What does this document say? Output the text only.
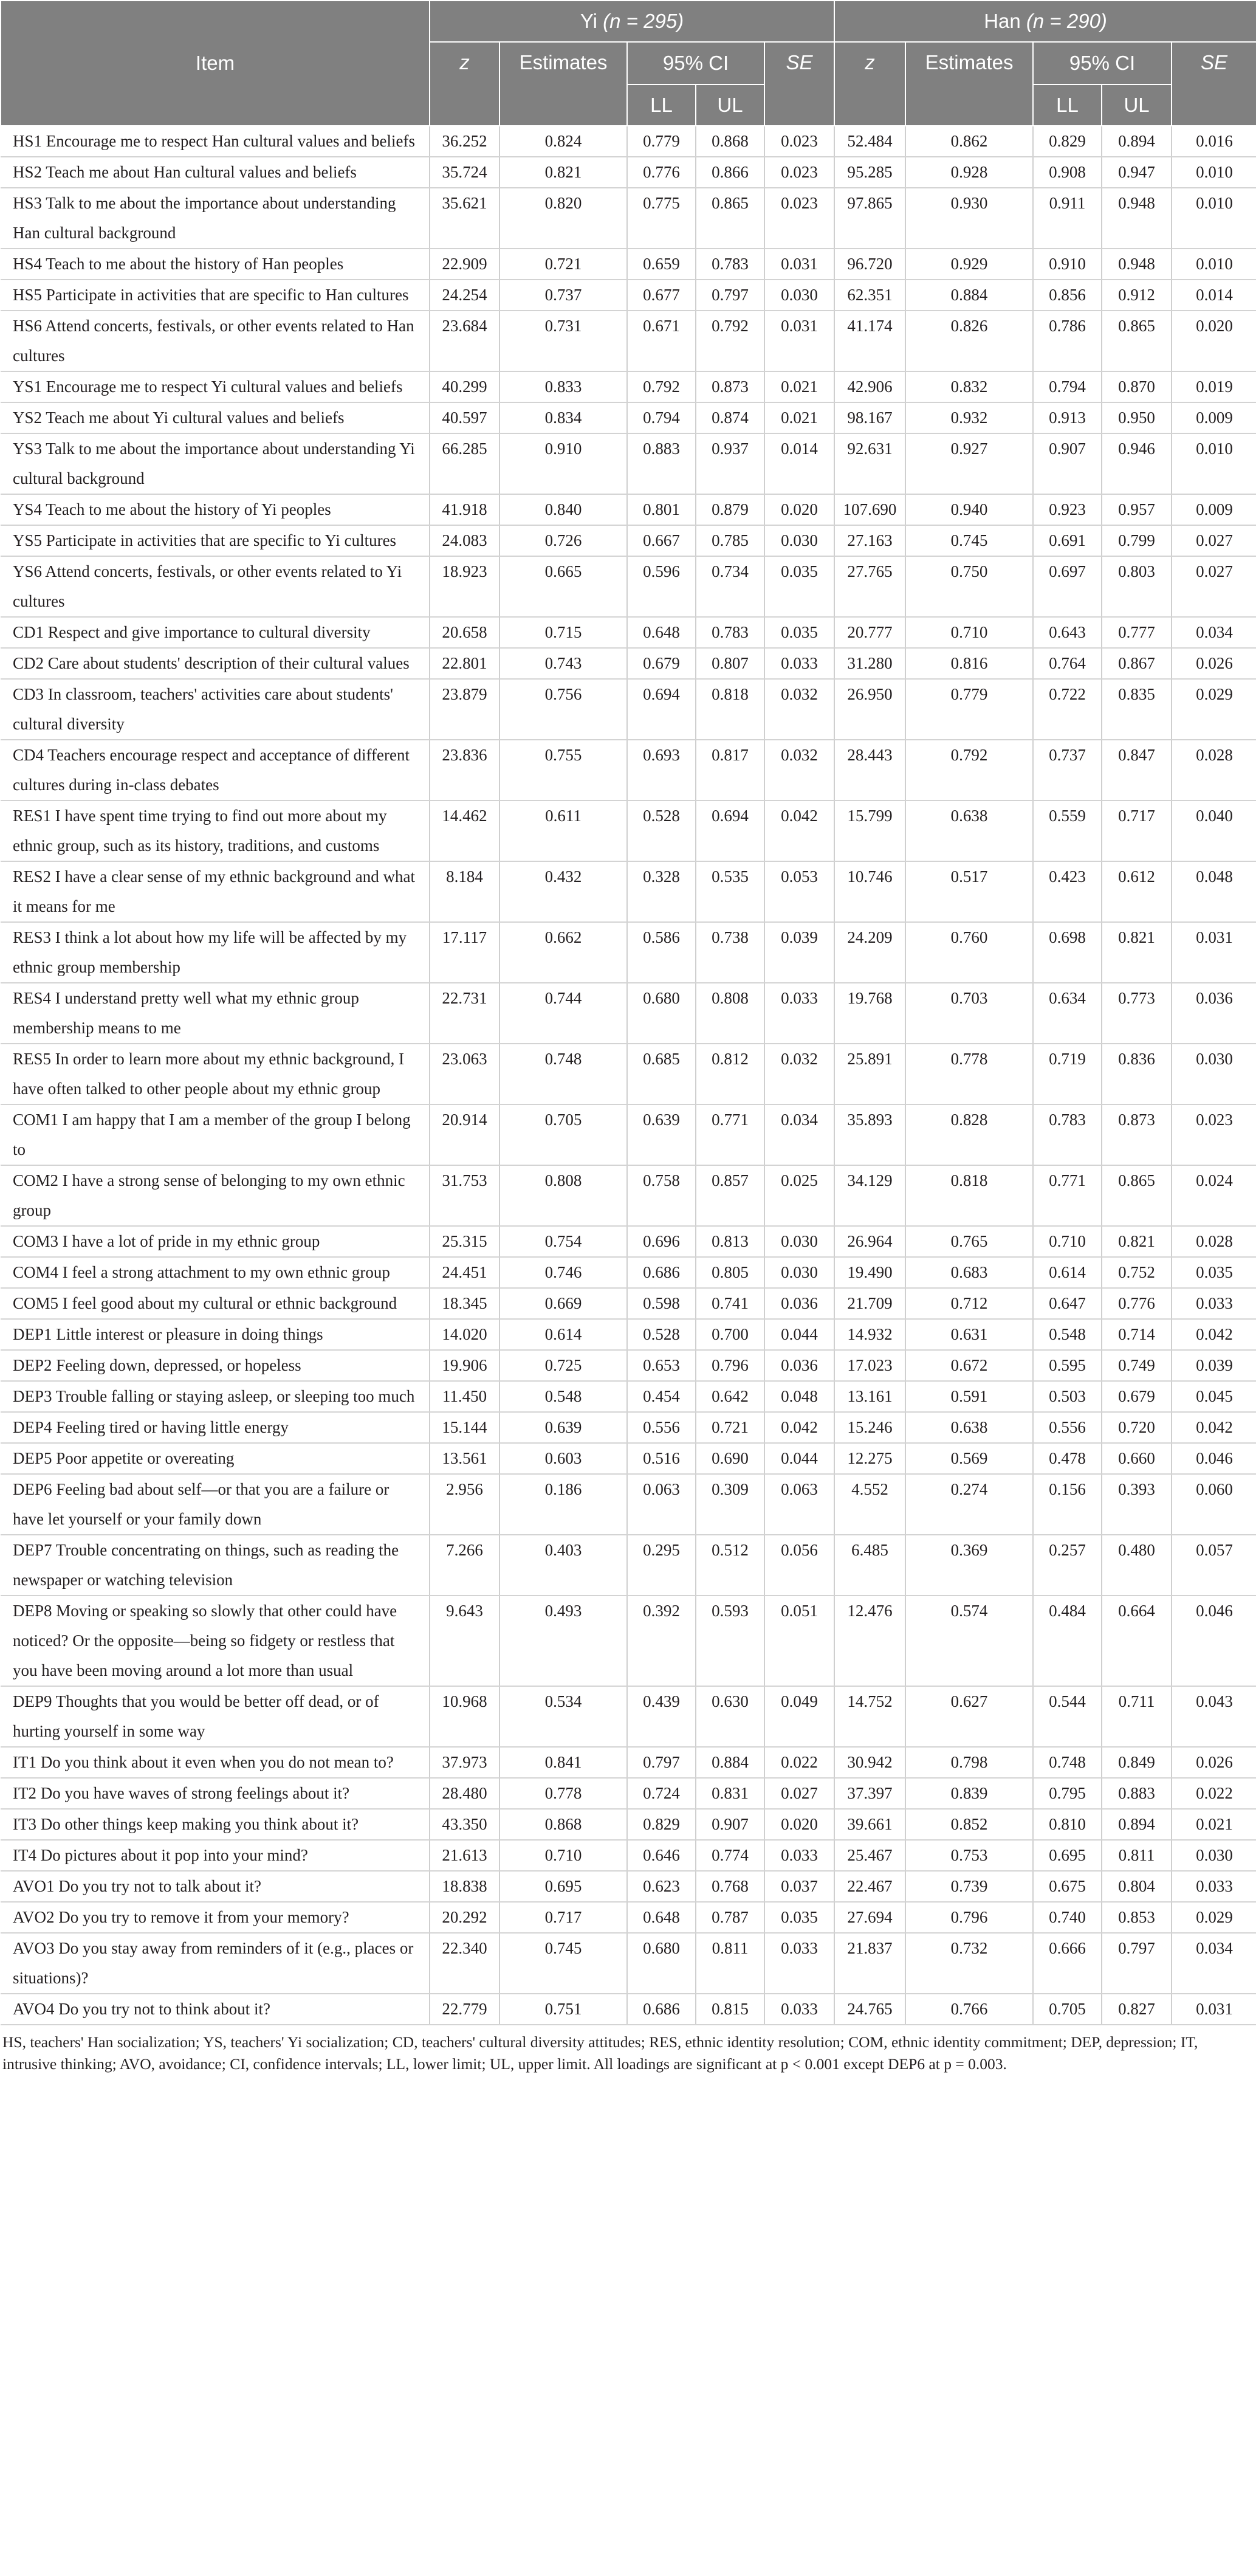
Item	Yi (n = 295)					Han (n = 290)				
	z	Estimates	95% CI		SE	z	Estimates	95% CI		SE
			LL	UL				LL	UL	
HS1 Encourage me to respect Han cultural values and beliefs	36.252	0.824	0.779	0.868	0.023	52.484	0.862	0.829	0.894	0.016
HS2 Teach me about Han cultural values and beliefs	35.724	0.821	0.776	0.866	0.023	95.285	0.928	0.908	0.947	0.010
HS3 Talk to me about the importance about understanding Han cultural background	35.621	0.820	0.775	0.865	0.023	97.865	0.930	0.911	0.948	0.010
HS4 Teach to me about the history of Han peoples	22.909	0.721	0.659	0.783	0.031	96.720	0.929	0.910	0.948	0.010
HS5 Participate in activities that are specific to Han cultures	24.254	0.737	0.677	0.797	0.030	62.351	0.884	0.856	0.912	0.014
HS6 Attend concerts, festivals, or other events related to Han cultures	23.684	0.731	0.671	0.792	0.031	41.174	0.826	0.786	0.865	0.020
YS1 Encourage me to respect Yi cultural values and beliefs	40.299	0.833	0.792	0.873	0.021	42.906	0.832	0.794	0.870	0.019
YS2 Teach me about Yi cultural values and beliefs	40.597	0.834	0.794	0.874	0.021	98.167	0.932	0.913	0.950	0.009
YS3 Talk to me about the importance about understanding Yi cultural background	66.285	0.910	0.883	0.937	0.014	92.631	0.927	0.907	0.946	0.010
YS4 Teach to me about the history of Yi peoples	41.918	0.840	0.801	0.879	0.020	107.690	0.940	0.923	0.957	0.009
YS5 Participate in activities that are specific to Yi cultures	24.083	0.726	0.667	0.785	0.030	27.163	0.745	0.691	0.799	0.027
YS6 Attend concerts, festivals, or other events related to Yi cultures	18.923	0.665	0.596	0.734	0.035	27.765	0.750	0.697	0.803	0.027
CD1 Respect and give importance to cultural diversity	20.658	0.715	0.648	0.783	0.035	20.777	0.710	0.643	0.777	0.034
CD2 Care about students' description of their cultural values	22.801	0.743	0.679	0.807	0.033	31.280	0.816	0.764	0.867	0.026
CD3 In classroom, teachers' activities care about students' cultural diversity	23.879	0.756	0.694	0.818	0.032	26.950	0.779	0.722	0.835	0.029
CD4 Teachers encourage respect and acceptance of different cultures during in-class debates	23.836	0.755	0.693	0.817	0.032	28.443	0.792	0.737	0.847	0.028
RES1 I have spent time trying to find out more about my ethnic group, such as its history, traditions, and customs	14.462	0.611	0.528	0.694	0.042	15.799	0.638	0.559	0.717	0.040
RES2 I have a clear sense of my ethnic background and what it means for me	8.184	0.432	0.328	0.535	0.053	10.746	0.517	0.423	0.612	0.048
RES3 I think a lot about how my life will be affected by my ethnic group membership	17.117	0.662	0.586	0.738	0.039	24.209	0.760	0.698	0.821	0.031
RES4 I understand pretty well what my ethnic group membership means to me	22.731	0.744	0.680	0.808	0.033	19.768	0.703	0.634	0.773	0.036
RES5 In order to learn more about my ethnic background, I have often talked to other people about my ethnic group	23.063	0.748	0.685	0.812	0.032	25.891	0.778	0.719	0.836	0.030
COM1 I am happy that I am a member of the group I belong to	20.914	0.705	0.639	0.771	0.034	35.893	0.828	0.783	0.873	0.023
COM2 I have a strong sense of belonging to my own ethnic group	31.753	0.808	0.758	0.857	0.025	34.129	0.818	0.771	0.865	0.024
COM3 I have a lot of pride in my ethnic group	25.315	0.754	0.696	0.813	0.030	26.964	0.765	0.710	0.821	0.028
COM4 I feel a strong attachment to my own ethnic group	24.451	0.746	0.686	0.805	0.030	19.490	0.683	0.614	0.752	0.035
COM5 I feel good about my cultural or ethnic background	18.345	0.669	0.598	0.741	0.036	21.709	0.712	0.647	0.776	0.033
DEP1 Little interest or pleasure in doing things	14.020	0.614	0.528	0.700	0.044	14.932	0.631	0.548	0.714	0.042
DEP2 Feeling down, depressed, or hopeless	19.906	0.725	0.653	0.796	0.036	17.023	0.672	0.595	0.749	0.039
DEP3 Trouble falling or staying asleep, or sleeping too much	11.450	0.548	0.454	0.642	0.048	13.161	0.591	0.503	0.679	0.045
DEP4 Feeling tired or having little energy	15.144	0.639	0.556	0.721	0.042	15.246	0.638	0.556	0.720	0.042
DEP5 Poor appetite or overeating	13.561	0.603	0.516	0.690	0.044	12.275	0.569	0.478	0.660	0.046
DEP6 Feeling bad about self—or that you are a failure or have let yourself or your family down	2.956	0.186	0.063	0.309	0.063	4.552	0.274	0.156	0.393	0.060
DEP7 Trouble concentrating on things, such as reading the newspaper or watching television	7.266	0.403	0.295	0.512	0.056	6.485	0.369	0.257	0.480	0.057
DEP8 Moving or speaking so slowly that other could have noticed? Or the opposite—being so fidgety or restless that you have been moving around a lot more than usual	9.643	0.493	0.392	0.593	0.051	12.476	0.574	0.484	0.664	0.046
DEP9 Thoughts that you would be better off dead, or of hurting yourself in some way	10.968	0.534	0.439	0.630	0.049	14.752	0.627	0.544	0.711	0.043
IT1 Do you think about it even when you do not mean to?	37.973	0.841	0.797	0.884	0.022	30.942	0.798	0.748	0.849	0.026
IT2 Do you have waves of strong feelings about it?	28.480	0.778	0.724	0.831	0.027	37.397	0.839	0.795	0.883	0.022
IT3 Do other things keep making you think about it?	43.350	0.868	0.829	0.907	0.020	39.661	0.852	0.810	0.894	0.021
IT4 Do pictures about it pop into your mind?	21.613	0.710	0.646	0.774	0.033	25.467	0.753	0.695	0.811	0.030
AVO1 Do you try not to talk about it?	18.838	0.695	0.623	0.768	0.037	22.467	0.739	0.675	0.804	0.033
AVO2 Do you try to remove it from your memory?	20.292	0.717	0.648	0.787	0.035	27.694	0.796	0.740	0.853	0.029
AVO3 Do you stay away from reminders of it (e.g., places or situations)?	22.340	0.745	0.680	0.811	0.033	21.837	0.732	0.666	0.797	0.034
AVO4 Do you try not to think about it?	22.779	0.751	0.686	0.815	0.033	24.765	0.766	0.705	0.827	0.031
HS, teachers' Han socialization; YS, teachers' Yi socialization; CD, teachers' cultural diversity attitudes; RES, ethnic identity resolution; COM, ethnic identity commitment; DEP, depression; IT, intrusive thinking; AVO, avoidance; CI, confidence intervals; LL, lower limit; UL, upper limit. All loadings are significant at p < 0.001 except DEP6 at p = 0.003.
